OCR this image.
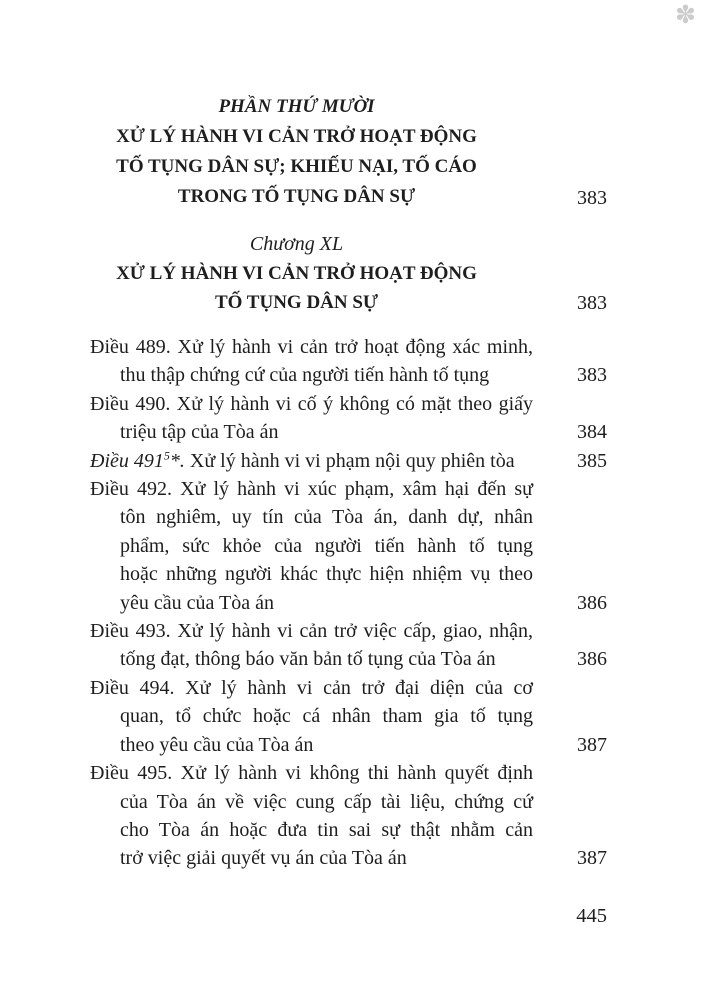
✽
PHẦN THỨ MƯỜI
XỬ LÝ HÀNH VI CẢN TRỞ HOẠT ĐỘNG
TỐ TỤNG DÂN SỰ; KHIẾU NẠI, TỐ CÁO
TRONG TỐ TỤNG DÂN SỰ	383
Chương XL
XỬ LÝ HÀNH VI CẢN TRỞ HOẠT ĐỘNG
TỐ TỤNG DÂN SỰ	383
Điều 489. Xử lý hành vi cản trở hoạt động xác minh,
thu thập chứng cứ của người tiến hành tố tụng	383
Điều 490. Xử lý hành vi cố ý không có mặt theo giấy
triệu tập của Tòa án	384
Điều $491^5*$. Xử lý hành vi vi phạm nội quy phiên tòa	385
Điều 492. Xử lý hành vi xúc phạm, xâm hại đến sự
tôn nghiêm, uy tín của Tòa án, danh dự, nhân
phẩm, sức khỏe của người tiến hành tố tụng
hoặc những người khác thực hiện nhiệm vụ theo
yêu cầu của Tòa án	386
Điều 493. Xử lý hành vi cản trở việc cấp, giao, nhận,
tống đạt, thông báo văn bản tố tụng của Tòa án	386
Điều 494. Xử lý hành vi cản trở đại diện của cơ
quan, tổ chức hoặc cá nhân tham gia tố tụng
theo yêu cầu của Tòa án	387
Điều 495. Xử lý hành vi không thi hành quyết định
của Tòa án về việc cung cấp tài liệu, chứng cứ
cho Tòa án hoặc đưa tin sai sự thật nhằm cản
trở việc giải quyết vụ án của Tòa án	387
445
